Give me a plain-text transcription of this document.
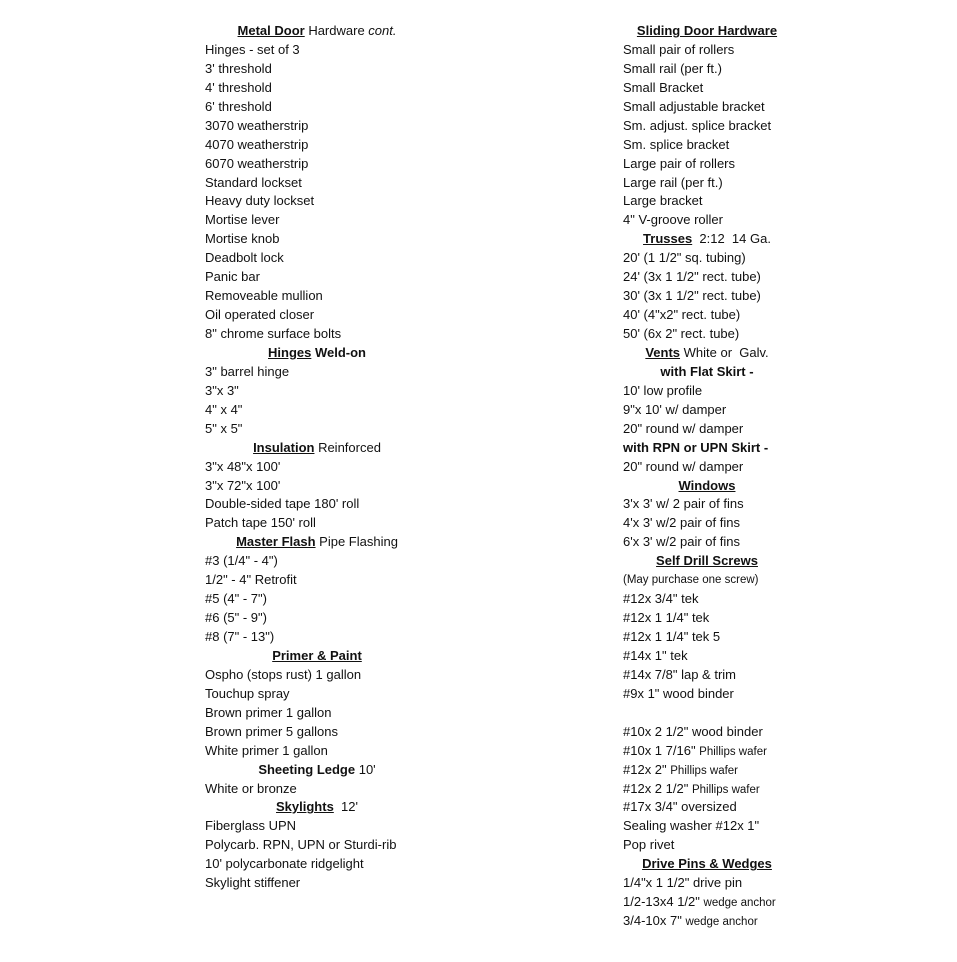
Metal Door Hardware cont.
Hinges - set of 3
3' threshold
4' threshold
6' threshold
3070 weatherstrip
4070 weatherstrip
6070 weatherstrip
Standard lockset
Heavy duty lockset
Mortise lever
Mortise knob
Deadbolt lock
Panic bar
Removeable mullion
Oil operated closer
8" chrome surface bolts
Hinges Weld-on
3" barrel hinge
3"x 3"
4" x 4"
5" x 5"
Insulation Reinforced
3"x 48"x 100'
3"x 72"x 100'
Double-sided tape 180' roll
Patch tape 150' roll
Master Flash Pipe Flashing
#3 (1/4" - 4")
1/2" - 4" Retrofit
#5 (4" - 7")
#6 (5" - 9")
#8 (7" - 13")
Primer & Paint
Ospho (stops rust) 1 gallon
Touchup spray
Brown primer 1 gallon
Brown primer 5 gallons
White primer 1 gallon
Sheeting Ledge 10'
White or bronze
Skylights  12'
Fiberglass UPN
Polycarb. RPN, UPN or Sturdi-rib
10' polycarbonate ridgelight
Skylight stiffener
Sliding Door Hardware
Small pair of rollers
Small rail (per ft.)
Small Bracket
Small adjustable bracket
Sm. adjust. splice bracket
Sm. splice bracket
Large pair of rollers
Large rail (per ft.)
Large bracket
4" V-groove roller
Trusses  2:12  14 Ga.
20' (1 1/2" sq. tubing)
24' (3x 1 1/2" rect. tube)
30' (3x 1 1/2" rect. tube)
40' (4"x2" rect. tube)
50' (6x 2" rect. tube)
Vents White or  Galv.
with Flat Skirt -
10' low profile
9"x 10' w/ damper
20" round w/ damper
with RPN or UPN Skirt -
20" round w/ damper
Windows
3'x 3' w/ 2 pair of fins
4'x 3' w/2 pair of fins
6'x 3' w/2 pair of fins
Self Drill Screws
(May purchase one screw)
#12x 3/4" tek
#12x 1 1/4" tek
#12x 1 1/4" tek 5
#14x 1" tek
#14x 7/8" lap & trim
#9x 1" wood binder
#10x 2 1/2" wood binder
#10x 1 7/16" Phillips wafer
#12x 2" Phillips wafer
#12x 2 1/2" Phillips wafer
#17x 3/4" oversized
Sealing washer #12x 1"
Pop rivet
Drive Pins & Wedges
1/4"x 1 1/2" drive pin
1/2-13x4 1/2" wedge anchor
3/4-10x 7" wedge anchor
